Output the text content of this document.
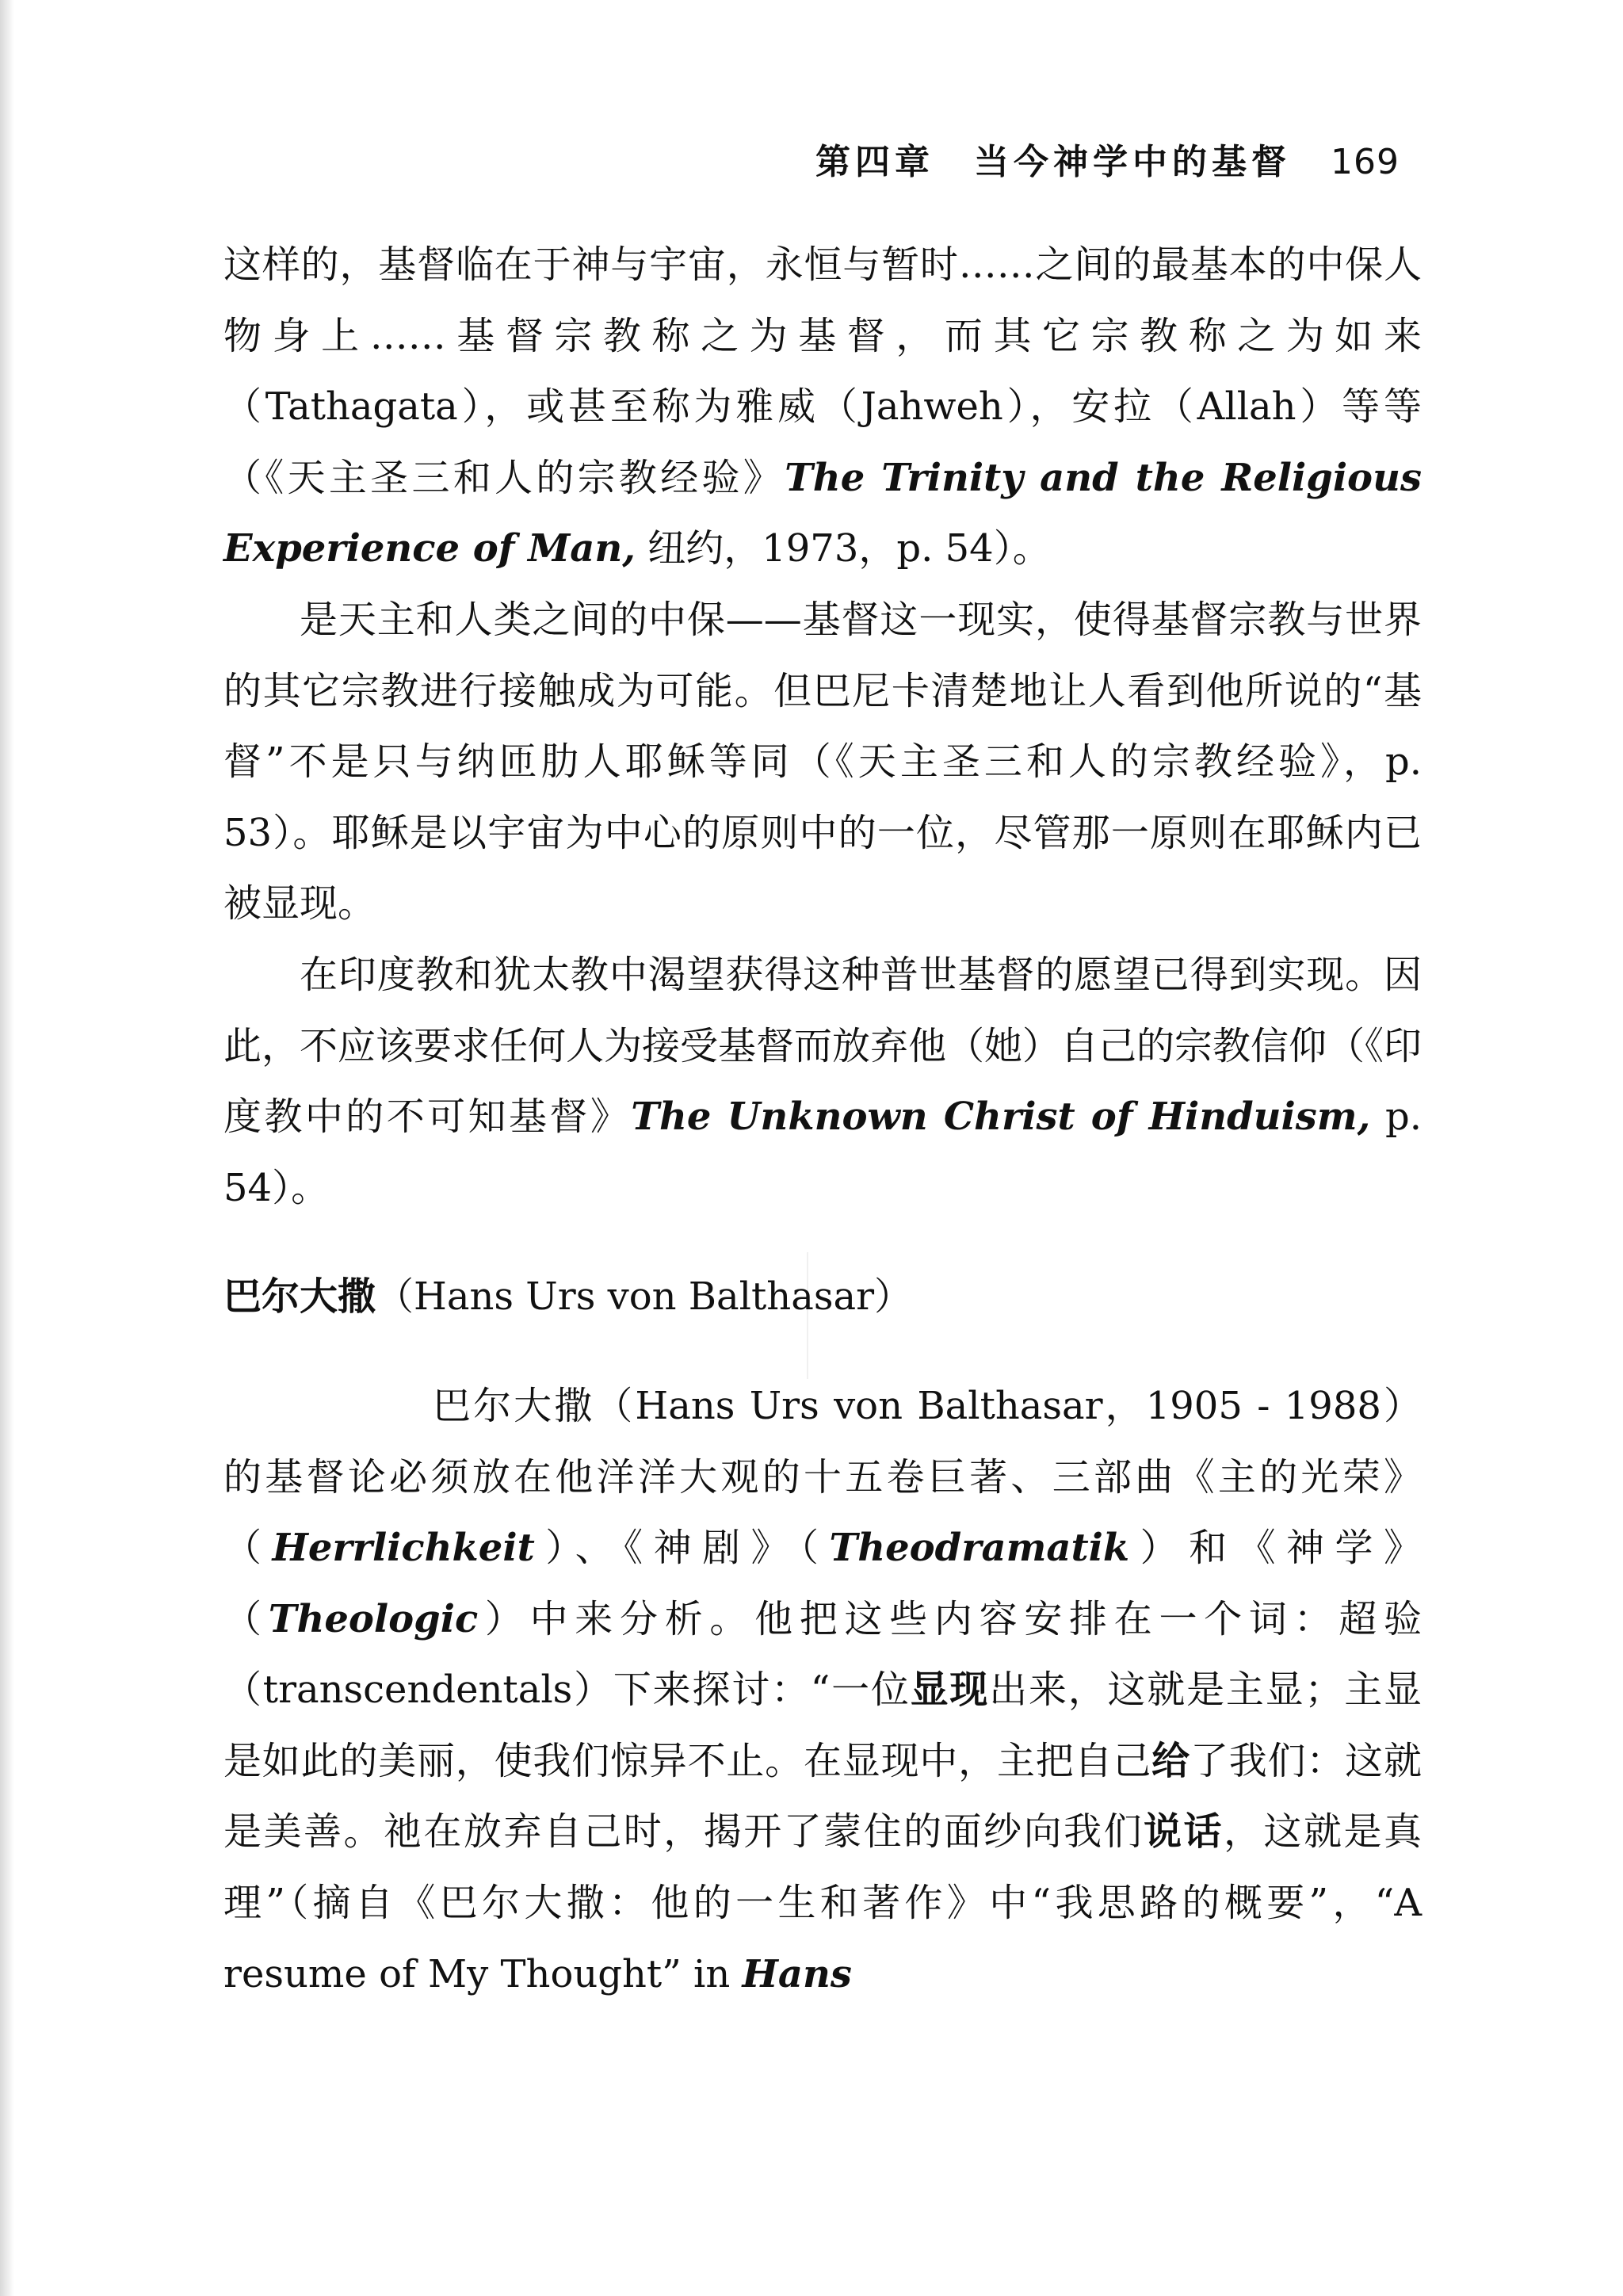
第四章 当今神学中的基督 169

这样的，基督临在于神与宇宙，永恒与暂时……之间的最基本的中保人物身上……基督宗教称之为基督，而其它宗教称之为如来（Tathagata），或甚至称为雅威（Jahweh），安拉（Allah）等等（《天主圣三和人的宗教经验》The Trinity and the Religious Experience of Man, 纽约，1973，p. 54）。

是天主和人类之间的中保——基督这一现实，使得基督宗教与世界的其它宗教进行接触成为可能。但巴尼卡清楚地让人看到他所说的“基督”不是只与纳匝肋人耶稣等同（《天主圣三和人的宗教经验》，p. 53）。耶稣是以宇宙为中心的原则中的一位，尽管那一原则在耶稣内已被显现。

在印度教和犹太教中渴望获得这种普世基督的愿望已得到实现。因此，不应该要求任何人为接受基督而放弃他（她）自己的宗教信仰（《印度教中的不可知基督》The Unknown Christ of Hinduism, p. 54）。

巴尔大撒（Hans Urs von Balthasar）

巴尔大撒（Hans Urs von Balthasar，1905 - 1988）的基督论必须放在他洋洋大观的十五卷巨著、三部曲《主的光荣》（Herrlichkeit）、《神剧》（Theodramatik）和《神学》（Theologic）中来分析。他把这些内容安排在一个词：超验（transcendentals）下来探讨：“一位显现出来，这就是主显；主显是如此的美丽，使我们惊异不止。在显现中，主把自己给了我们：这就是美善。祂在放弃自己时，揭开了蒙住的面纱向我们说话，这就是真理”（摘自《巴尔大撒：他的一生和著作》中“我思路的概要”，“A resume of My Thought” in Hans
